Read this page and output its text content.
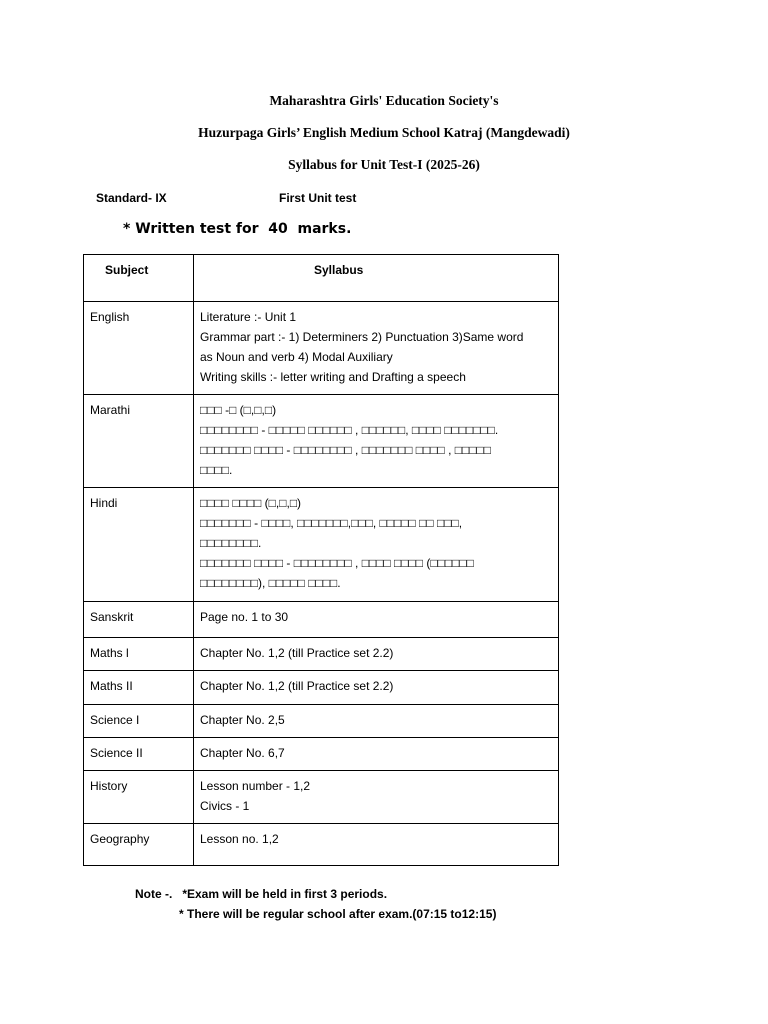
Maharashtra Girls' Education Society's
Huzurpaga Girls’ English Medium School Katraj (Mangdewadi)
Syllabus for Unit Test-I (2025-26)
Standard- IX	First Unit test
* Written test for  40  marks.
Subject	Syllabus
English	Literature :- Unit 1
Grammar part :- 1) Determiners 2) Punctuation 3)Same word
as Noun and verb 4) Modal Auxiliary
Writing skills :- letter writing and Drafting a speech

Marathi	□□□ -□ (□,□,□)
□□□□□□□□ - □□□□□ □□□□□□ , □□□□□□, □□□□ □□□□□□□.
□□□□□□□ □□□□ - □□□□□□□□ , □□□□□□□ □□□□ , □□□□□
□□□□.

Hindi	□□□□ □□□□ (□,□,□)
□□□□□□□ - □□□□, □□□□□□□,□□□, □□□□□ □□ □□□,
□□□□□□□□.
□□□□□□□ □□□□ - □□□□□□□□ , □□□□ □□□□ (□□□□□□
□□□□□□□□), □□□□□ □□□□.

Sanskrit	Page no. 1 to 30

Maths l	Chapter No. 1,2 (till Practice set 2.2)

Maths II	Chapter No. 1,2 (till Practice set 2.2)

Science I	Chapter No. 2,5

Science II	Chapter No. 6,7

History	Lesson number - 1,2
Civics - 1

Geography	Lesson no. 1,2
Note -.   *Exam will be held in first 3 periods.
* There will be regular school after exam.(07:15 to12:15)
